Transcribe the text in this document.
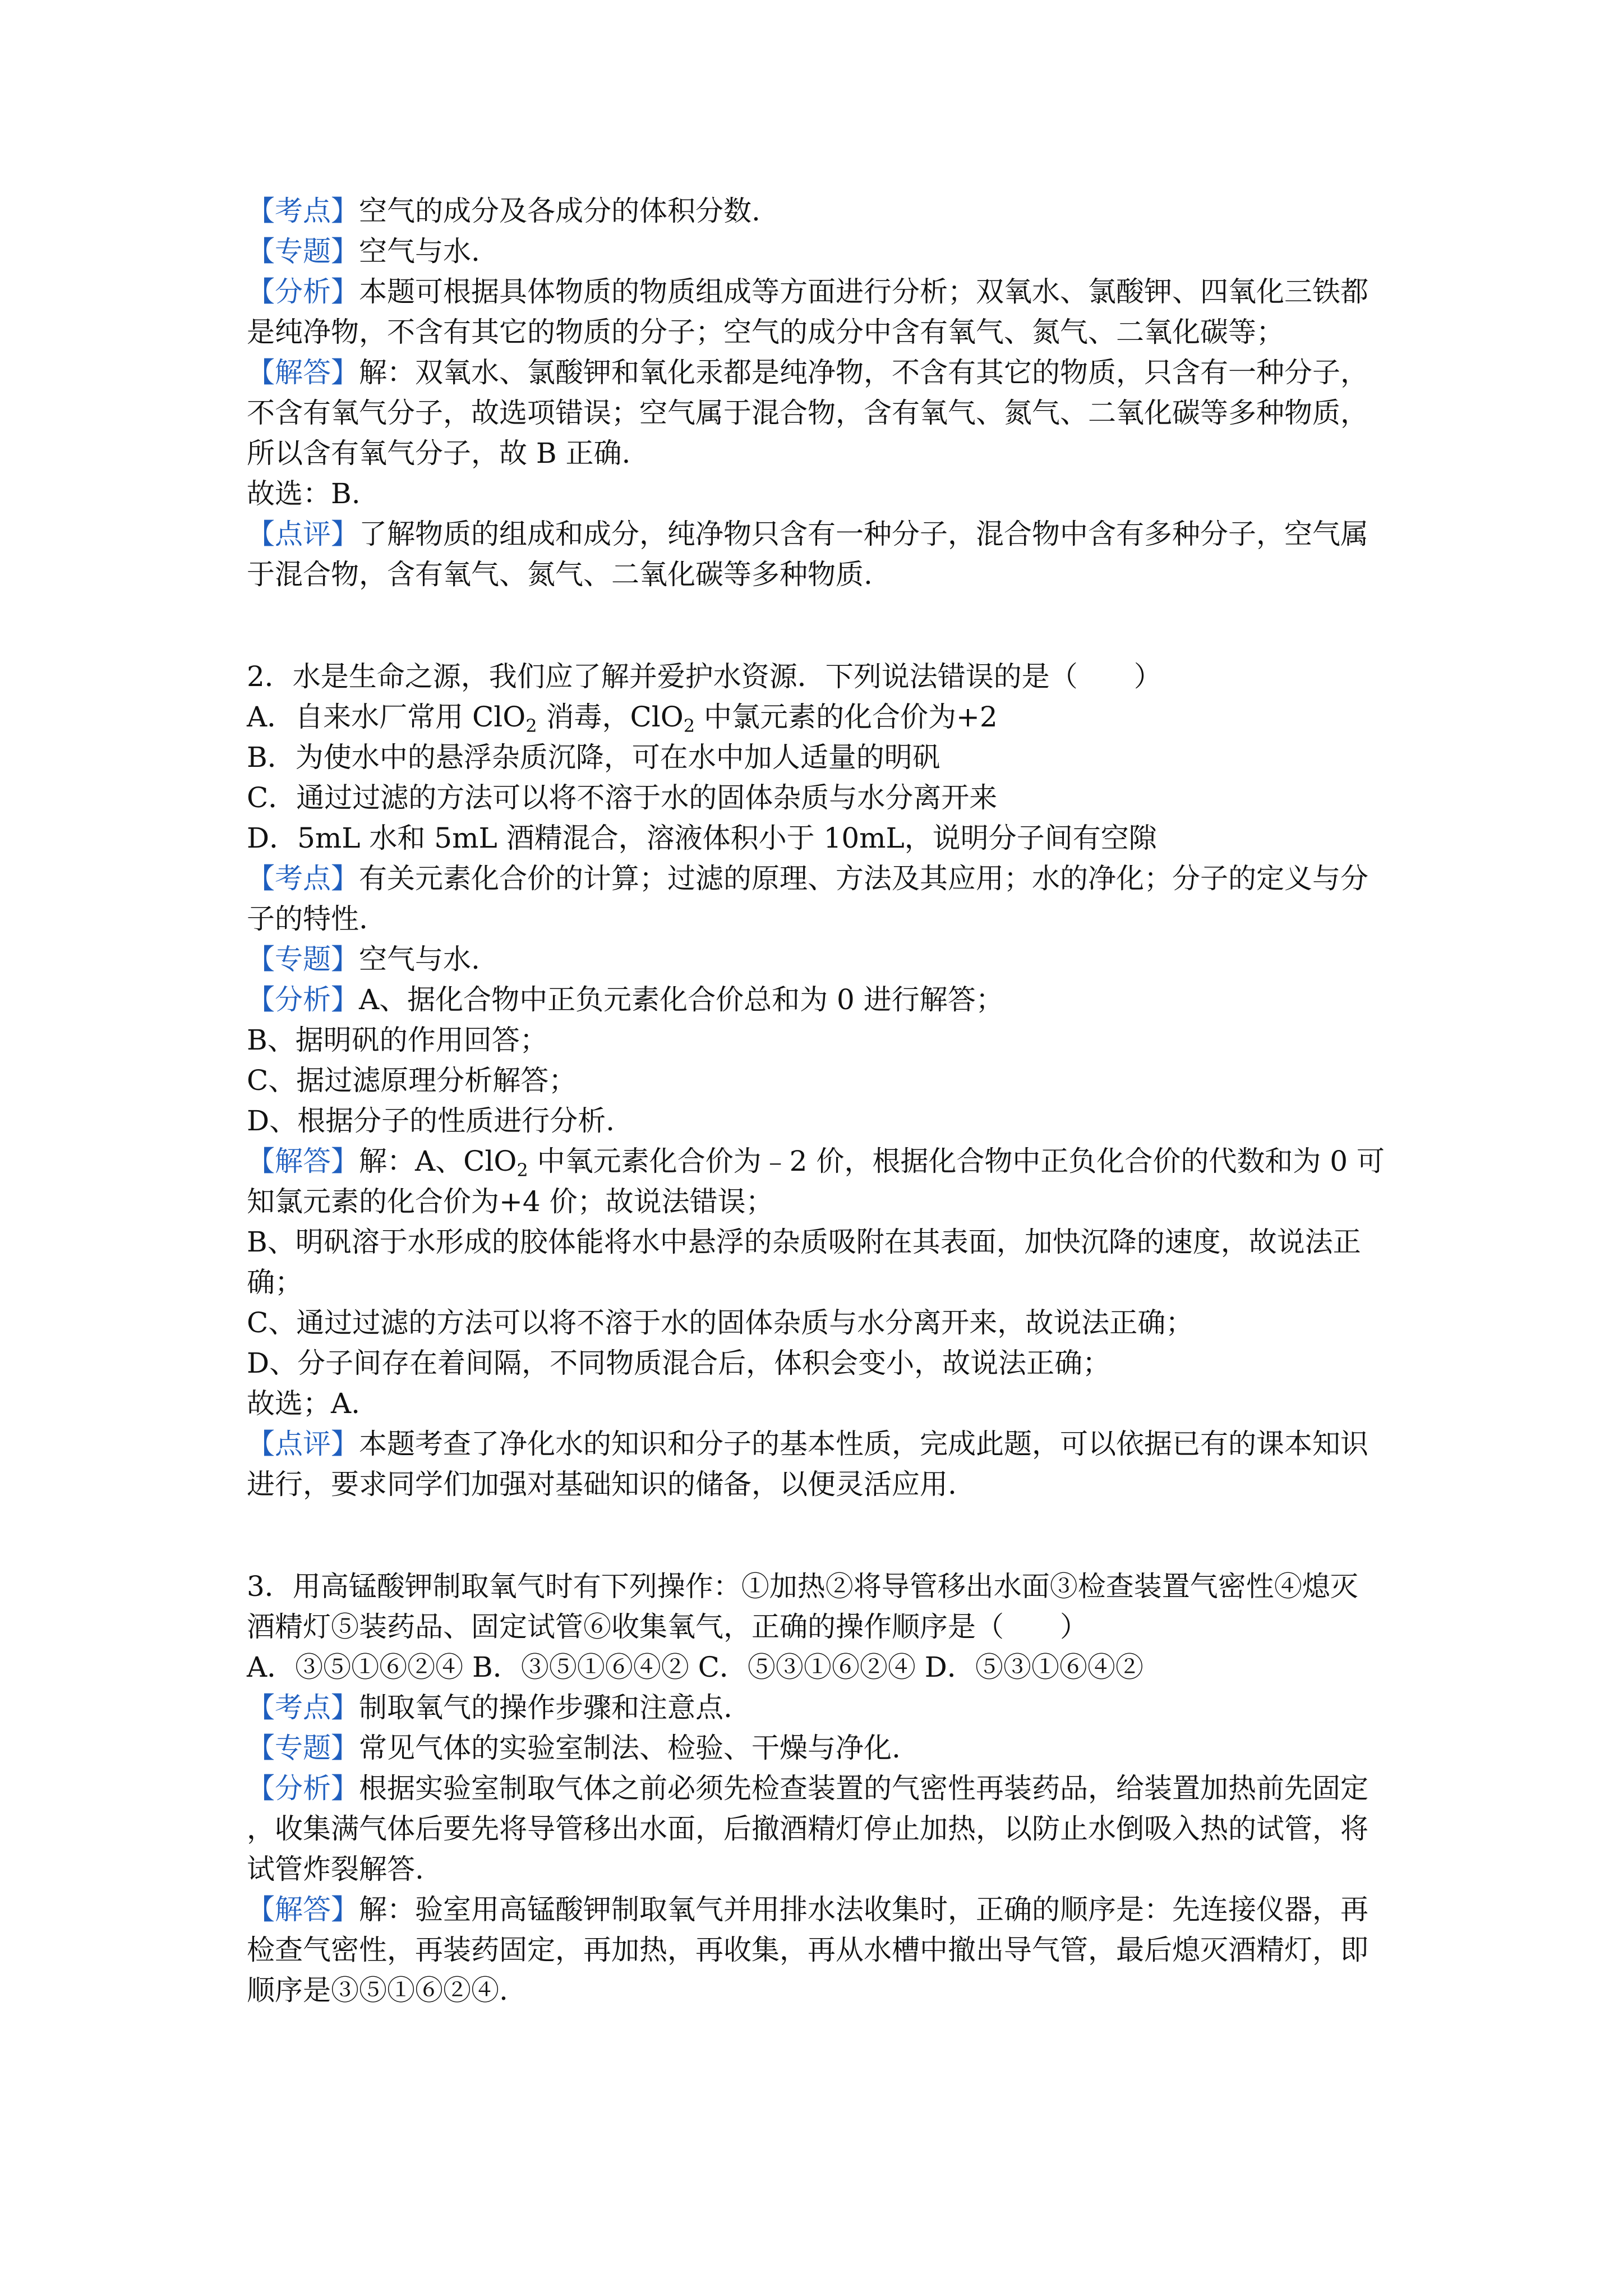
【考点】空气的成分及各成分的体积分数.
【专题】空气与水.
【分析】本题可根据具体物质的物质组成等方面进行分析；双氧水、氯酸钾、四氧化三铁都
是纯净物，不含有其它的物质的分子；空气的成分中含有氧气、氮气、二氧化碳等；
【解答】解：双氧水、氯酸钾和氧化汞都是纯净物，不含有其它的物质，只含有一种分子，
不含有氧气分子，故选项错误；空气属于混合物，含有氧气、氮气、二氧化碳等多种物质，
所以含有氧气分子，故 B 正确.
故选：B.
【点评】了解物质的组成和成分，纯净物只含有一种分子，混合物中含有多种分子，空气属
于混合物，含有氧气、氮气、二氧化碳等多种物质.
2．水是生命之源，我们应了解并爱护水资源．下列说法错误的是（　　）
A．自来水厂常用 ClO$_2$ 消毒，ClO$_2$ 中氯元素的化合价为+2
B．为使水中的悬浮杂质沉降，可在水中加人适量的明矾
C．通过过滤的方法可以将不溶于水的固体杂质与水分离开来
D．5mL 水和 5mL 酒精混合，溶液体积小于 10mL，说明分子间有空隙
【考点】有关元素化合价的计算；过滤的原理、方法及其应用；水的净化；分子的定义与分
子的特性.
【专题】空气与水.
【分析】A、据化合物中正负元素化合价总和为 0 进行解答；
B、据明矾的作用回答；
C、据过滤原理分析解答；
D、根据分子的性质进行分析.
【解答】解：A、ClO$_2$ 中氧元素化合价为﹣2 价，根据化合物中正负化合价的代数和为 0 可
知氯元素的化合价为+4 价；故说法错误；
B、明矾溶于水形成的胶体能将水中悬浮的杂质吸附在其表面，加快沉降的速度，故说法正
确；
C、通过过滤的方法可以将不溶于水的固体杂质与水分离开来，故说法正确；
D、分子间存在着间隔，不同物质混合后，体积会变小，故说法正确；
故选；A.
【点评】本题考查了净化水的知识和分子的基本性质，完成此题，可以依据已有的课本知识
进行，要求同学们加强对基础知识的储备，以便灵活应用.
3．用高锰酸钾制取氧气时有下列操作：①加热②将导管移出水面③检查装置气密性④熄灭
酒精灯⑤装药品、固定试管⑥收集氧气，正确的操作顺序是（　　）
A．③⑤①⑥②④ B．③⑤①⑥④② C．⑤③①⑥②④ D．⑤③①⑥④②
【考点】制取氧气的操作步骤和注意点.
【专题】常见气体的实验室制法、检验、干燥与净化.
【分析】根据实验室制取气体之前必须先检查装置的气密性再装药品，给装置加热前先固定
，收集满气体后要先将导管移出水面，后撤酒精灯停止加热，以防止水倒吸入热的试管，将
试管炸裂解答.
【解答】解：验室用高锰酸钾制取氧气并用排水法收集时，正确的顺序是：先连接仪器，再
检查气密性，再装药固定，再加热，再收集，再从水槽中撤出导气管，最后熄灭酒精灯，即
顺序是③⑤①⑥②④.
